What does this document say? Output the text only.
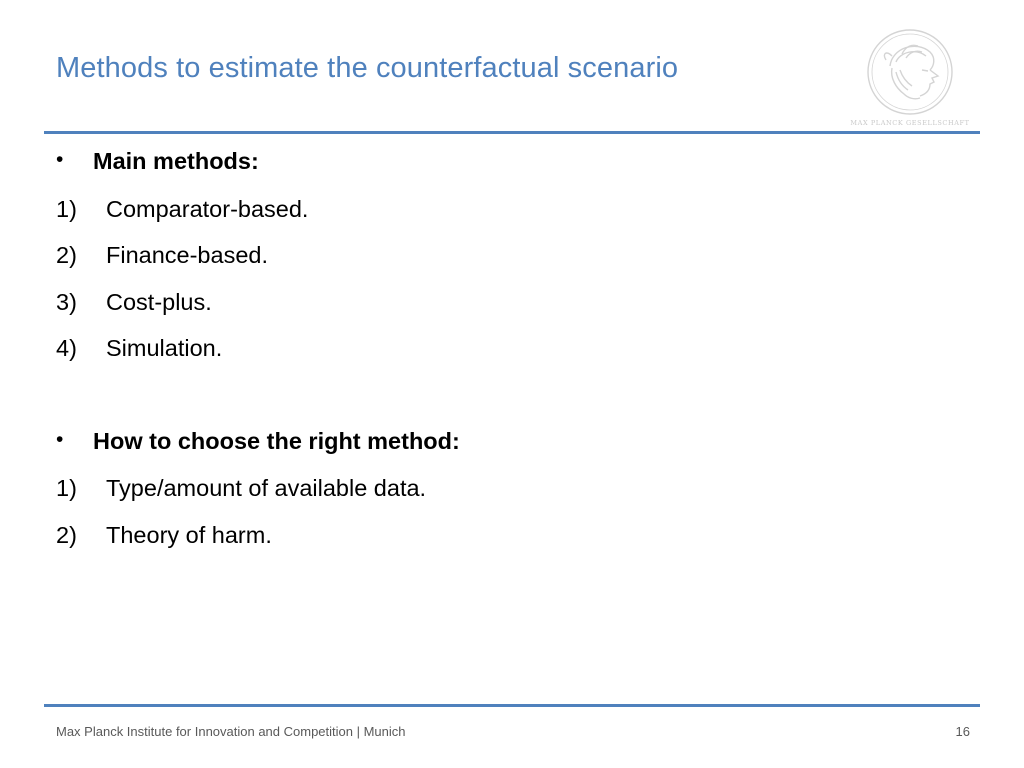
Methods to estimate the counterfactual scenario
MAX PLANCK GESELLSCHAFT
• Main methods:
1) Comparator-based.
2) Finance-based.
3) Cost-plus.
4) Simulation.
• How to choose the right method:
1) Type/amount of available data.
2) Theory of harm.
Max Planck Institute for Innovation and Competition | Munich	16
